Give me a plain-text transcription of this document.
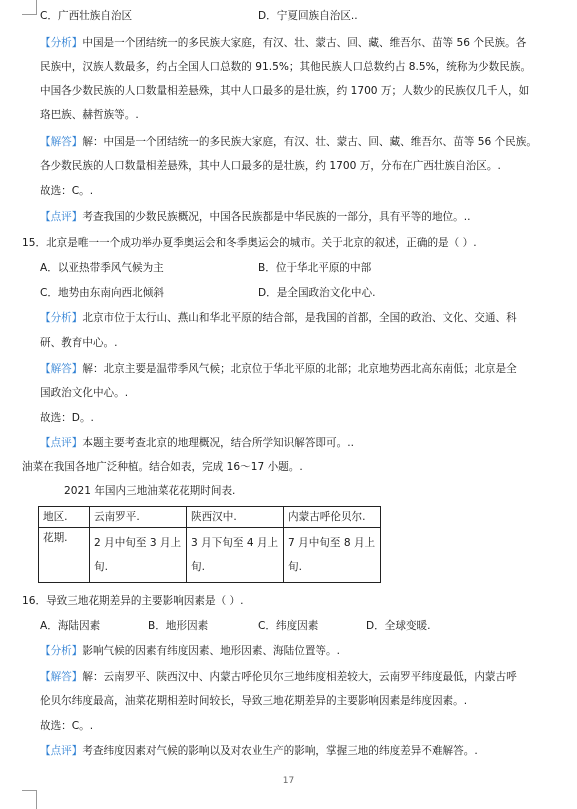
C．广西壮族自治区	D．宁夏回族自治区..
【分析】中国是一个团结统一的多民族大家庭，有汉、壮、蒙古、回、藏、维吾尔、苗等 56 个民族。各
民族中，汉族人数最多，约占全国人口总数的 91.5%；其他民族人口总数约占 8.5%，统称为少数民族。
中国各少数民族的人口数量相差悬殊，其中人口最多的是壮族，约 1700 万；人数少的民族仅几千人，如
珞巴族、赫哲族等。.
【解答】解：中国是一个团结统一的多民族大家庭，有汉、壮、蒙古、回、藏、维吾尔、苗等 56 个民族。
各少数民族的人口数量相差悬殊，其中人口最多的是壮族，约 1700 万，分布在广西壮族自治区。.
故选：C。.
【点评】考查我国的少数民族概况，中国各民族都是中华民族的一部分，具有平等的地位。..
15．北京是唯一一个成功举办夏季奥运会和冬季奥运会的城市。关于北京的叙述，正确的是（ ）.
A．以亚热带季风气候为主	B．位于华北平原的中部
C．地势由东南向西北倾斜	D．是全国政治文化中心.
【分析】北京市位于太行山、燕山和华北平原的结合部，是我国的首都，全国的政治、文化、交通、科
研、教育中心。.
【解答】解：北京主要是温带季风气候；北京位于华北平原的北部；北京地势西北高东南低；北京是全
国政治文化中心。.
故选：D。.
【点评】本题主要考查北京的地理概况，结合所学知识解答即可。..
油菜在我国各地广泛种植。结合如表，完成 16～17 小题。.
2021 年国内三地油菜花花期时间表.
地区.	云南罗平.	陕西汉中.	内蒙古呼伦贝尔.
花期.	2 月中旬至 3 月上旬.	3 月下旬至 4 月上旬.	7 月中旬至 8 月上旬.
16．导致三地花期差异的主要影响因素是（ ）.
A．海陆因素	B．地形因素	C．纬度因素	D．全球变暖.
【分析】影响气候的因素有纬度因素、地形因素、海陆位置等。.
【解答】解：云南罗平、陕西汉中、内蒙古呼伦贝尔三地纬度相差较大，云南罗平纬度最低，内蒙古呼
伦贝尔纬度最高，油菜花期相差时间较长，导致三地花期差异的主要影响因素是纬度因素。.
故选：C。.
【点评】考查纬度因素对气候的影响以及对农业生产的影响，掌握三地的纬度差异不难解答。.
17
